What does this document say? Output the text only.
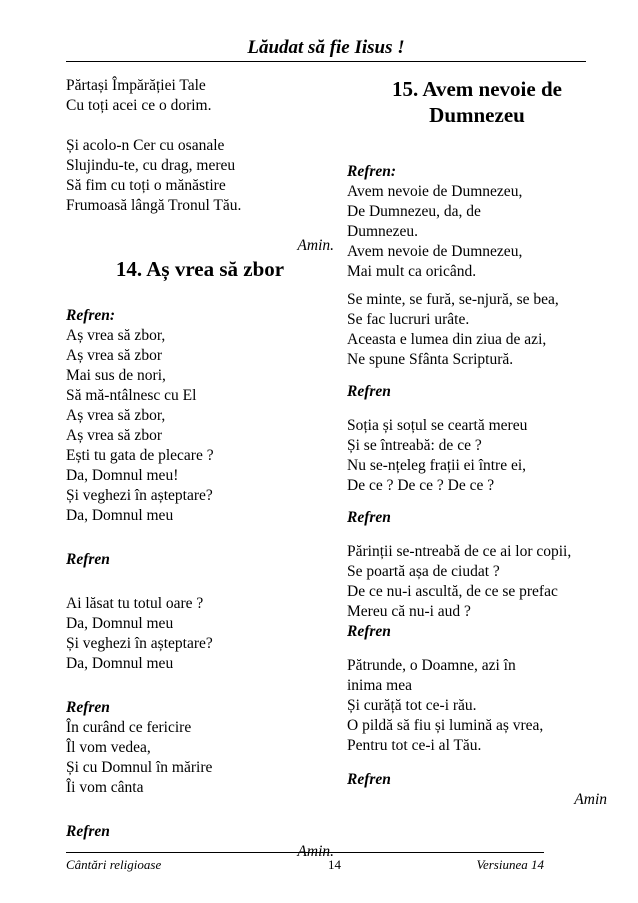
Lăudat să fie Iisus !

Părtași Împărăției Tale

Cu toți acei ce o dorim.

Și acolo-n Cer cu osanale

Slujindu-te, cu drag, mereu

Să fim cu toți o mănăstire

Frumoasă lângă Tronul Tău.

Amin.

14. Aș vrea să zbor

Refren:

Aș vrea să zbor,

Aș vrea să zbor

Mai sus de nori,

Să mă-ntâlnesc cu El

Aș vrea să zbor,

Aș vrea să zbor

Ești tu gata de plecare ?

Da, Domnul meu!

Și veghezi în așteptare?

Da, Domnul meu

Refren

Ai lăsat tu totul oare ?

Da, Domnul meu

Și veghezi în așteptare?

Da, Domnul meu

Refren

În curând ce fericire

Îl vom vedea,

Și cu Domnul în mărire

Îi vom cânta

Refren

Amin.

15. Avem nevoie de

Dumnezeu

Refren:

Avem nevoie de Dumnezeu,

De Dumnezeu, da, de

Dumnezeu.

Avem nevoie de Dumnezeu,

Mai mult ca oricând.

Se minte, se fură, se-njură, se bea,

Se fac lucruri urâte.

Aceasta e lumea din ziua de azi,

Ne spune Sfânta Scriptură.

Refren

Soția și soțul se ceartă mereu

Și se întreabă: de ce ?

Nu se-nțeleg frații ei între ei,

De ce ? De ce ? De ce ?

Refren

Părinții se-ntreabă de ce ai lor copii,

Se poartă așa de ciudat ?

De ce nu-i ascultă, de ce se prefac

Mereu că nu-i aud ?

Refren

Pătrunde, o Doamne, azi în

inima mea

Și curăță tot ce-i rău.

O pildă să fiu și lumină aș vrea,

Pentru tot ce-i al Tău.

Refren

Amin

Cântări religioase	14	Versiunea 14
